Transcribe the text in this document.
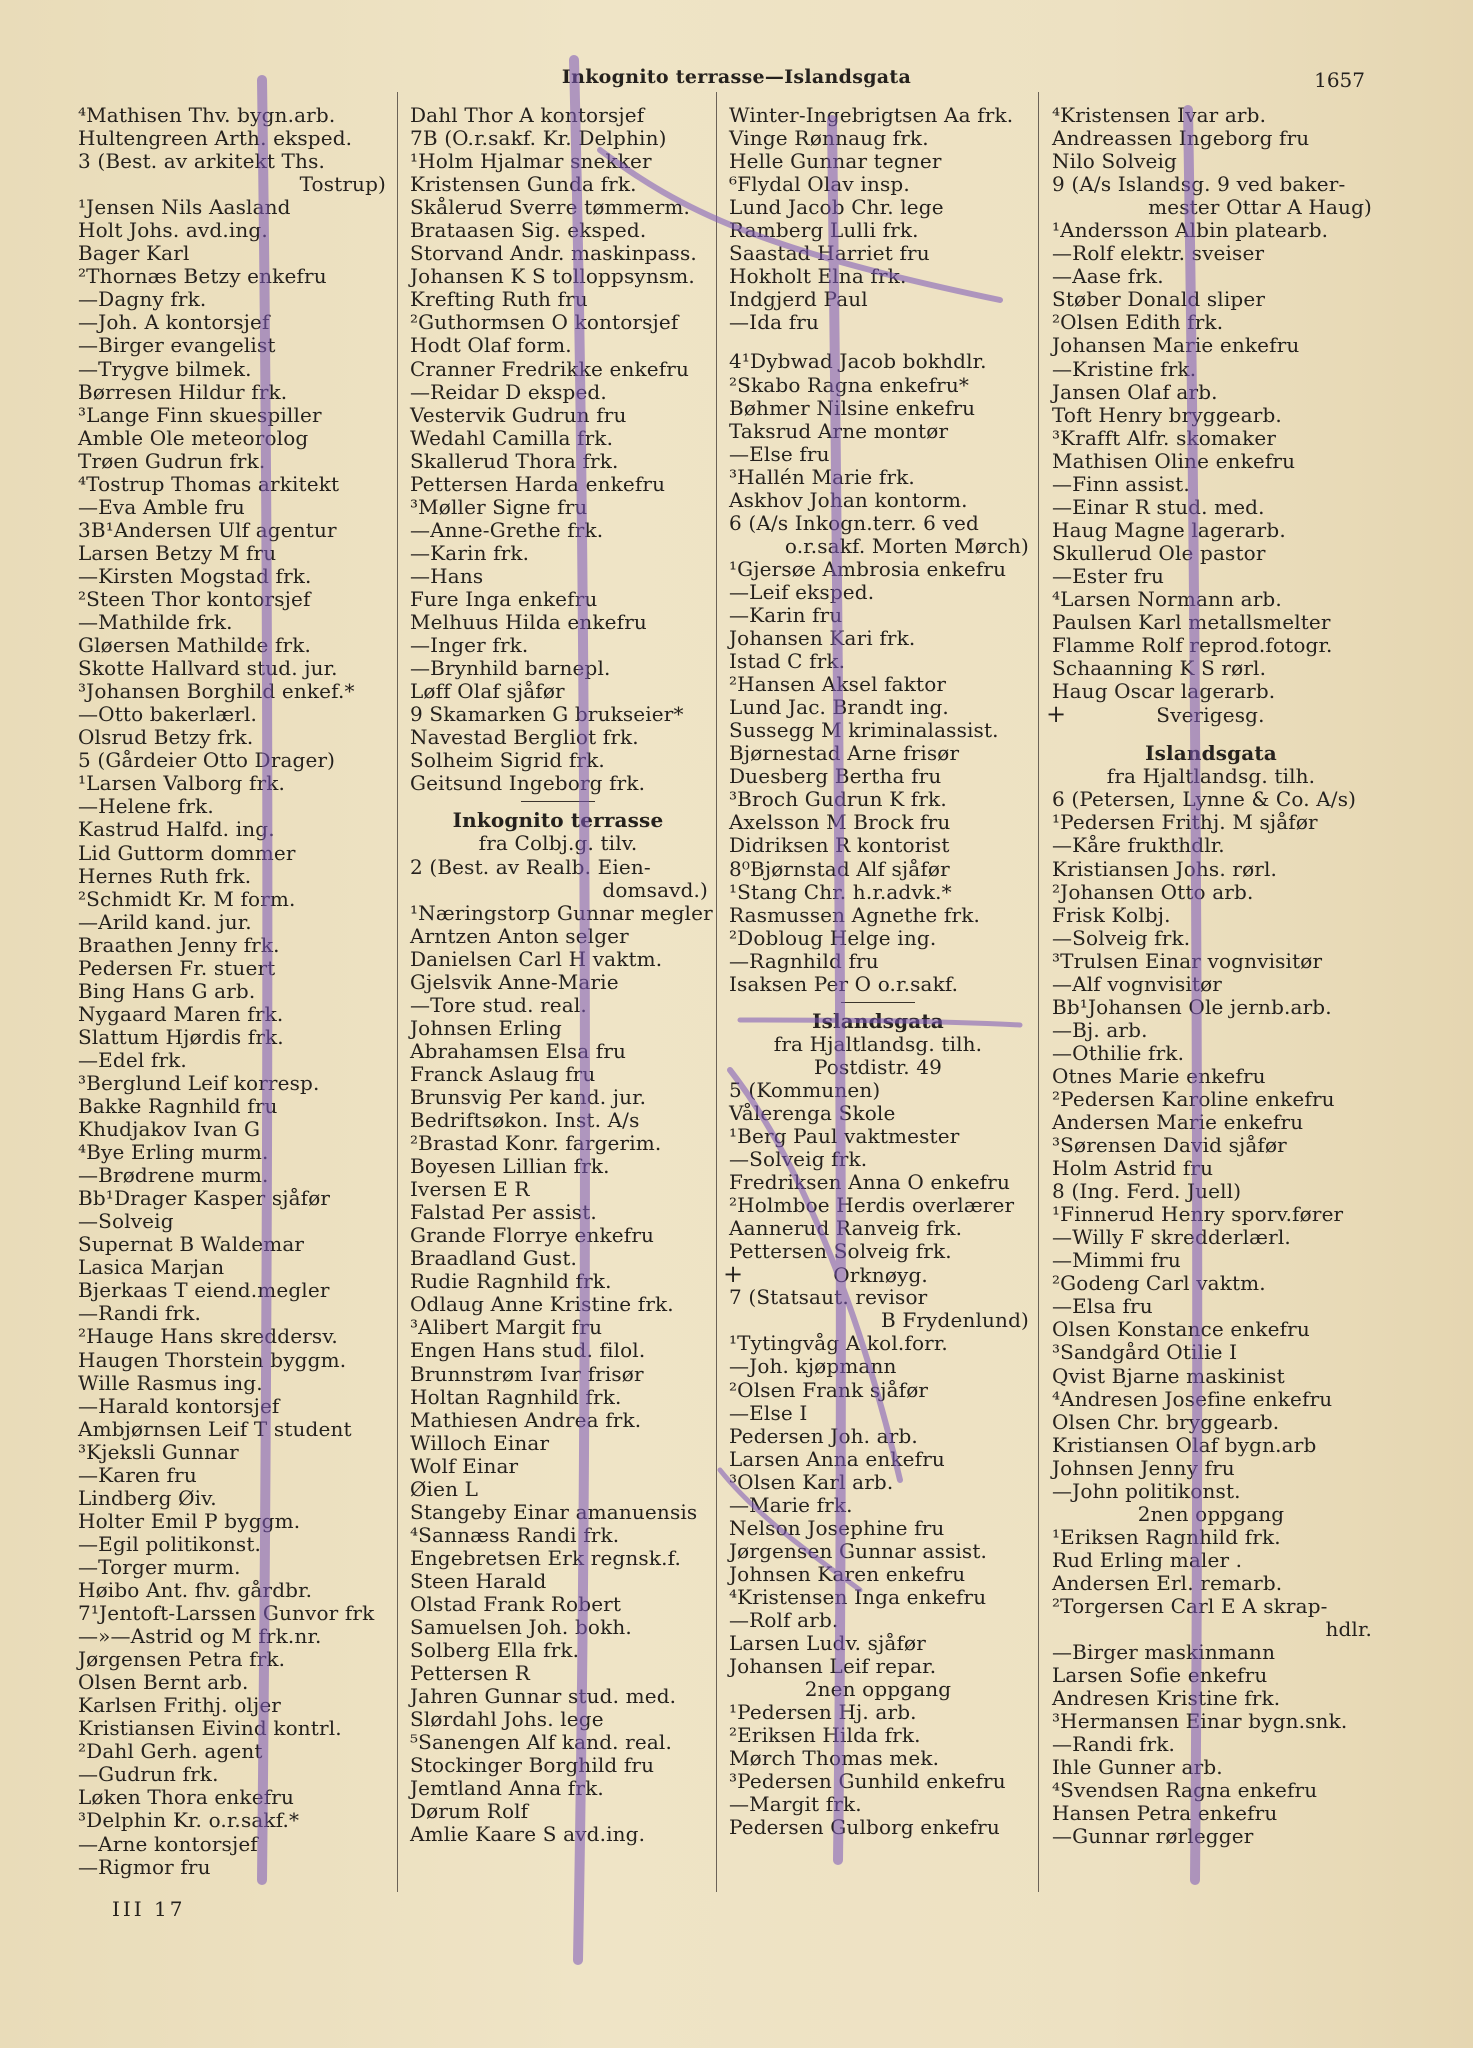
Inkognito terrasse—Islandsgata	1657
⁴Mathisen Thv. bygn.arb.
Hultengreen Arth. eksped.
3 (Best. av arkitekt Ths.
Tostrup)
¹Jensen Nils Aasland
Holt Johs. avd.ing.
Bager Karl
²Thornæs Betzy enkefru
—Dagny frk.
—Joh. A kontorsjef
—Birger evangelist
—Trygve bilmek.
Børresen Hildur frk.
³Lange Finn skuespiller
Amble Ole meteorolog
Trøen Gudrun frk.
⁴Tostrup Thomas arkitekt
—Eva Amble fru
3B¹Andersen Ulf agentur
Larsen Betzy M fru
—Kirsten Mogstad frk.
²Steen Thor kontorsjef
—Mathilde frk.
Gløersen Mathilde frk.
Skotte Hallvard stud. jur.
³Johansen Borghild enkef.*
—Otto bakerlærl.
Olsrud Betzy frk.
5 (Gårdeier Otto Drager)
¹Larsen Valborg frk.
—Helene frk.
Kastrud Halfd. ing.
Lid Guttorm dommer
Hernes Ruth frk.
²Schmidt Kr. M form.
—Arild kand. jur.
Braathen Jenny frk.
Pedersen Fr. stuert
Bing Hans G arb.
Nygaard Maren frk.
Slattum Hjørdis frk.
—Edel frk.
³Berglund Leif korresp.
Bakke Ragnhild fru
Khudjakov Ivan G
⁴Bye Erling murm.
—Brødrene murm.
Bb¹Drager Kasper sjåfør
—Solveig
Supernat B Waldemar
Lasica Marjan
Bjerkaas T eiend.megler
—Randi frk.
²Hauge Hans skreddersv.
Haugen Thorstein byggm.
Wille Rasmus ing.
—Harald kontorsjef
Ambjørnsen Leif T student
³Kjeksli Gunnar
—Karen fru
Lindberg Øiv.
Holter Emil P byggm.
—Egil politikonst.
—Torger murm.
Høibo Ant. fhv. gårdbr.
7¹Jentoft-Larssen Gunvor frk
—»—Astrid og M frk.nr.
Jørgensen Petra frk.
Olsen Bernt arb.
Karlsen Frithj. oljer
Kristiansen Eivind kontrl.
²Dahl Gerh. agent
—Gudrun frk.
Løken Thora enkefru
³Delphin Kr. o.r.sakf.*
—Arne kontorsjef
—Rigmor fru
Dahl Thor A kontorsjef
7B (O.r.sakf. Kr. Delphin)
¹Holm Hjalmar snekker
Kristensen Gunda frk.
Skålerud Sverre tømmerm.
Brataasen Sig. eksped.
Storvand Andr. maskinpass.
Johansen K S tolloppsynsm.
Krefting Ruth fru
²Guthormsen O kontorsjef
Hodt Olaf form.
Cranner Fredrikke enkefru
—Reidar D eksped.
Vestervik Gudrun fru
Wedahl Camilla frk.
Skallerud Thora frk.
Pettersen Harda enkefru
³Møller Signe fru
—Anne-Grethe frk.
—Karin frk.
—Hans
Fure Inga enkefru
Melhuus Hilda enkefru
—Inger frk.
—Brynhild barnepl.
Løff Olaf sjåfør
9 Skamarken G brukseier*
Navestad Bergliot frk.
Solheim Sigrid frk.
Geitsund Ingeborg frk.
Inkognito terrasse
fra Colbj.g. tilv.
2 (Best. av Realb. Eien-
domsavd.)
¹Næringstorp Gunnar megler
Arntzen Anton selger
Danielsen Carl H vaktm.
Gjelsvik Anne-Marie
—Tore stud. real.
Johnsen Erling
Abrahamsen Elsa fru
Franck Aslaug fru
Brunsvig Per kand. jur.
Bedriftsøkon. Inst. A/s
²Brastad Konr. fargerim.
Boyesen Lillian frk.
Iversen E R
Falstad Per assist.
Grande Florrye enkefru
Braadland Gust.
Rudie Ragnhild frk.
Odlaug Anne Kristine frk.
³Alibert Margit fru
Engen Hans stud. filol.
Brunnstrøm Ivar frisør
Holtan Ragnhild frk.
Mathiesen Andrea frk.
Willoch Einar
Wolf Einar
Øien L
Stangeby Einar amanuensis
⁴Sannæss Randi frk.
Engebretsen Erk regnsk.f.
Steen Harald
Olstad Frank Robert
Samuelsen Joh. bokh.
Solberg Ella frk.
Pettersen R
Jahren Gunnar stud. med.
Slørdahl Johs. lege
⁵Sanengen Alf kand. real.
Stockinger Borghild fru
Jemtland Anna frk.
Dørum Rolf
Amlie Kaare S avd.ing.
Winter-Ingebrigtsen Aa frk.
Vinge Rønnaug frk.
Helle Gunnar tegner
⁶Flydal Olav insp.
Lund Jacob Chr. lege
Ramberg Lulli frk.
Saastad Harriet fru
Hokholt Elna frk.
Indgjerd Paul
—Ida fru
4¹Dybwad Jacob bokhdlr.
²Skabo Ragna enkefru*
Bøhmer Nilsine enkefru
Taksrud Arne montør
—Else fru
³Hallén Marie frk.
Askhov Johan kontorm.
6 (A/s Inkogn.terr. 6 ved
o.r.sakf. Morten Mørch)
¹Gjersøe Ambrosia enkefru
—Leif eksped.
—Karin fru
Johansen Kari frk.
Istad C frk.
²Hansen Aksel faktor
Lund Jac. Brandt ing.
Sussegg M kriminalassist.
Bjørnestad Arne frisør
Duesberg Bertha fru
³Broch Gudrun K frk.
Axelsson M Brock fru
Didriksen R kontorist
8⁰Bjørnstad Alf sjåfør
¹Stang Chr. h.r.advk.*
Rasmussen Agnethe frk.
²Dobloug Helge ing.
—Ragnhild fru
Isaksen Per O o.r.sakf.
Islandsgata
fra Hjaltlandsg. tilh.
Postdistr. 49
5 (Kommunen)
Vålerenga Skole
¹Berg Paul vaktmester
—Solveig frk.
Fredriksen Anna O enkefru
²Holmboe Herdis overlærer
Aannerud Ranveig frk.
Pettersen Solveig frk.
+	Orknøyg.
7 (Statsaut. revisor
B Frydenlund)
¹Tytingvåg A kol.forr.
—Joh. kjøpmann
²Olsen Frank sjåfør
—Else I
Pedersen Joh. arb.
Larsen Anna enkefru
³Olsen Karl arb.
—Marie frk.
Nelson Josephine fru
Jørgensen Gunnar assist.
Johnsen Karen enkefru
⁴Kristensen Inga enkefru
—Rolf arb.
Larsen Ludv. sjåfør
Johansen Leif repar.
2nen oppgang
¹Pedersen Hj. arb.
²Eriksen Hilda frk.
Mørch Thomas mek.
³Pedersen Gunhild enkefru
—Margit frk.
Pedersen Gulborg enkefru
⁴Kristensen Ivar arb.
Andreassen Ingeborg fru
Nilo Solveig
9 (A/s Islandsg. 9 ved baker-
mester Ottar A Haug)
¹Andersson Albin platearb.
—Rolf elektr. sveiser
—Aase frk.
Støber Donald sliper
²Olsen Edith frk.
Johansen Marie enkefru
—Kristine frk.
Jansen Olaf arb.
Toft Henry bryggearb.
³Krafft Alfr. skomaker
Mathisen Oline enkefru
—Finn assist.
—Einar R stud. med.
Haug Magne lagerarb.
Skullerud Ole pastor
—Ester fru
⁴Larsen Normann arb.
Paulsen Karl metallsmelter
Flamme Rolf reprod.fotogr.
Schaanning K S rørl.
Haug Oscar lagerarb.
+	Sverigesg.
Islandsgata
fra Hjaltlandsg. tilh.
6 (Petersen, Lynne & Co. A/s)
¹Pedersen Frithj. M sjåfør
—Kåre frukthdlr.
Kristiansen Johs. rørl.
²Johansen Otto arb.
Frisk Kolbj.
—Solveig frk.
³Trulsen Einar vognvisitør
—Alf vognvisitør
Bb¹Johansen Ole jernb.arb.
—Bj. arb.
—Othilie frk.
Otnes Marie enkefru
²Pedersen Karoline enkefru
Andersen Marie enkefru
³Sørensen David sjåfør
Holm Astrid fru
8 (Ing. Ferd. Juell)
¹Finnerud Henry sporv.fører
—Willy F skredderlærl.
—Mimmi fru
²Godeng Carl vaktm.
—Elsa fru
Olsen Konstance enkefru
³Sandgård Otilie I
Qvist Bjarne maskinist
⁴Andresen Josefine enkefru
Olsen Chr. bryggearb.
Kristiansen Olaf bygn.arb
Johnsen Jenny fru
—John politikonst.
2nen oppgang
¹Eriksen Ragnhild frk.
Rud Erling maler .
Andersen Erl. remarb.
²Torgersen Carl E A skrap-
hdlr.
—Birger maskinmann
Larsen Sofie enkefru
Andresen Kristine frk.
³Hermansen Einar bygn.snk.
—Randi frk.
Ihle Gunner arb.
⁴Svendsen Ragna enkefru
Hansen Petra enkefru
—Gunnar rørlegger
III 17
